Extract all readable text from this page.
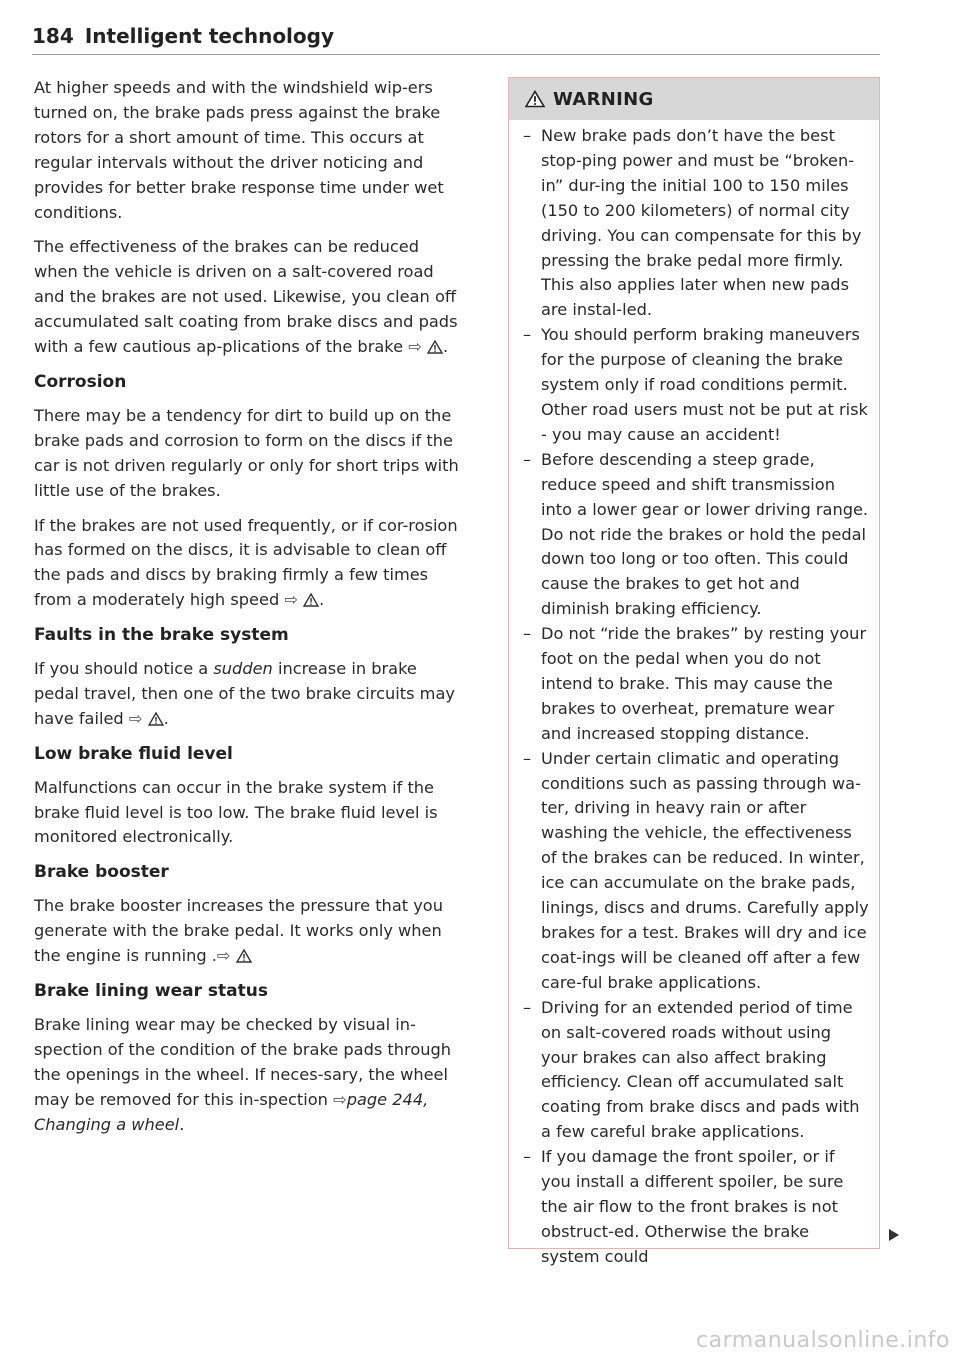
184 Intelligent technology

At higher speeds and with the windshield wip-ers turned on, the brake pads press against the brake rotors for a short amount of time. This occurs at regular intervals without the driver noticing and provides for better brake response time under wet conditions.

The effectiveness of the brakes can be reduced when the vehicle is driven on a salt-covered road and the brakes are not used. Likewise, you clean off accumulated salt coating from brake discs and pads with a few cautious ap-plications of the brake ⇨ .

Corrosion

There may be a tendency for dirt to build up on the brake pads and corrosion to form on the discs if the car is not driven regularly or only for short trips with little use of the brakes.

If the brakes are not used frequently, or if cor-rosion has formed on the discs, it is advisable to clean off the pads and discs by braking firmly a few times from a moderately high speed ⇨ .

Faults in the brake system

If you should notice a sudden increase in brake pedal travel, then one of the two brake circuits may have failed ⇨ .

Low brake fluid level

Malfunctions can occur in the brake system if the brake fluid level is too low. The brake fluid level is monitored electronically.

Brake booster

The brake booster increases the pressure that you generate with the brake pedal. It works only when the engine is running .⇨

Brake lining wear status

Brake lining wear may be checked by visual in-spection of the condition of the brake pads through the openings in the wheel. If neces-sary, the wheel may be removed for this in-spection ⇨page 244, Changing a wheel.

WARNING
– New brake pads don’t have the best stop-ping power and must be “broken-in” dur-ing the initial 100 to 150 miles (150 to 200 kilometers) of normal city driving. You can compensate for this by pressing the brake pedal more firmly. This also applies later when new pads are instal-led.
– You should perform braking maneuvers for the purpose of cleaning the brake system only if road conditions permit. Other road users must not be put at risk - you may cause an accident!
– Before descending a steep grade, reduce speed and shift transmission into a lower gear or lower driving range. Do not ride the brakes or hold the pedal down too long or too often. This could cause the brakes to get hot and diminish braking efficiency.
– Do not “ride the brakes” by resting your foot on the pedal when you do not intend to brake. This may cause the brakes to overheat, premature wear and increased stopping distance.
– Under certain climatic and operating conditions such as passing through wa-ter, driving in heavy rain or after washing the vehicle, the effectiveness of the brakes can be reduced. In winter, ice can accumulate on the brake pads, linings, discs and drums. Carefully apply brakes for a test. Brakes will dry and ice coat-ings will be cleaned off after a few care-ful brake applications.
– Driving for an extended period of time on salt-covered roads without using your brakes can also affect braking efficiency. Clean off accumulated salt coating from brake discs and pads with a few careful brake applications.
– If you damage the front spoiler, or if you install a different spoiler, be sure the air flow to the front brakes is not obstruct-ed. Otherwise the brake system could
carmanualsonline.info
